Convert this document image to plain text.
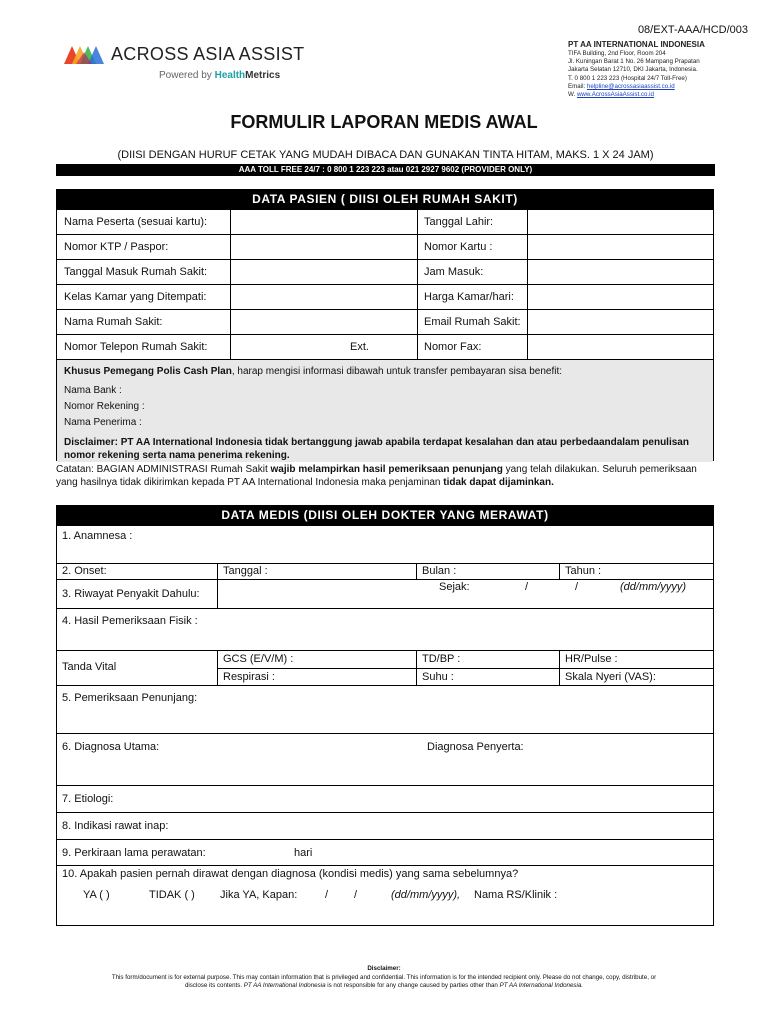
08/EXT-AAA/HCD/003
ACROSS ASIA ASSIST
Powered by HealthMetrics
PT AA INTERNATIONAL INDONESIA
TIFA Building, 2nd Floor, Room 204
Jl. Kuningan Barat 1 No. 26 Mampang Prapatan
Jakarta Selatan 12710, DKI Jakarta, Indonesia.
T. 0 800 1 223 223 (Hospital 24/7 Toll-Free)
Email: helpline@acrossasiaassist.co.id
W. www.AcrossAsiaAssist.co.id
FORMULIR LAPORAN MEDIS AWAL
(DIISI DENGAN HURUF CETAK YANG MUDAH DIBACA DAN GUNAKAN TINTA HITAM, MAKS. 1 X 24 JAM)
AAA TOLL FREE 24/7 : 0 800 1 223 223 atau 021 2927 9602 (PROVIDER ONLY)
DATA PASIEN ( DIISI OLEH RUMAH SAKIT)
Nama Peserta (sesuai kartu):	Tanggal Lahir:
Nomor KTP / Paspor:	Nomor Kartu :
Tanggal Masuk Rumah Sakit:	Jam Masuk:
Kelas Kamar yang Ditempati:	Harga Kamar/hari:
Nama Rumah Sakit:	Email Rumah Sakit:
Nomor Telepon Rumah Sakit:	Ext.	Nomor Fax:
Khusus Pemegang Polis Cash Plan, harap mengisi informasi dibawah untuk transfer pembayaran sisa benefit:
Nama Bank :
Nomor Rekening :
Nama Penerima :
Disclaimer: PT AA International Indonesia tidak bertanggung jawab apabila terdapat kesalahan dan atau perbedaandalam penulisan
nomor rekening serta nama penerima rekening.
Catatan: BAGIAN ADMINISTRASI Rumah Sakit wajib melampirkan hasil pemeriksaan penunjang yang telah dilakukan. Seluruh pemeriksaan yang hasilnya tidak dikirimkan kepada PT AA International Indonesia maka penjaminan tidak dapat dijaminkan.
DATA MEDIS (DIISI OLEH DOKTER YANG MERAWAT)
1. Anamnesa :
2. Onset:	Tanggal :	Bulan :	Tahun :
3. Riwayat Penyakit Dahulu:
Sejak:	/	/	(dd/mm/yyyy)
4. Hasil Pemeriksaan Fisik :
Tanda Vital
GCS (E/V/M) :	TD/BP :	HR/Pulse :
Respirasi :	Suhu :	Skala Nyeri (VAS):
5. Pemeriksaan Penunjang:
6. Diagnosa Utama:	Diagnosa Penyerta:
7. Etiologi:
8. Indikasi rawat inap:
9. Perkiraan lama perawatan:	hari
10. Apakah pasien pernah dirawat dengan diagnosa (kondisi medis) yang sama sebelumnya?
YA ( )	TIDAK ( ) Jika YA, Kapan:	/ /	(dd/mm/yyyy), Nama RS/Klinik :
Disclaimer:
This form/document is for external purpose. This may contain information that is privileged and confidential. This information is for the intended recipient only. Please do not change, copy, distribute, or
disclose its contents. PT AA International Indonesia is not responsible for any change caused by parties other than PT AA International Indonesia.
